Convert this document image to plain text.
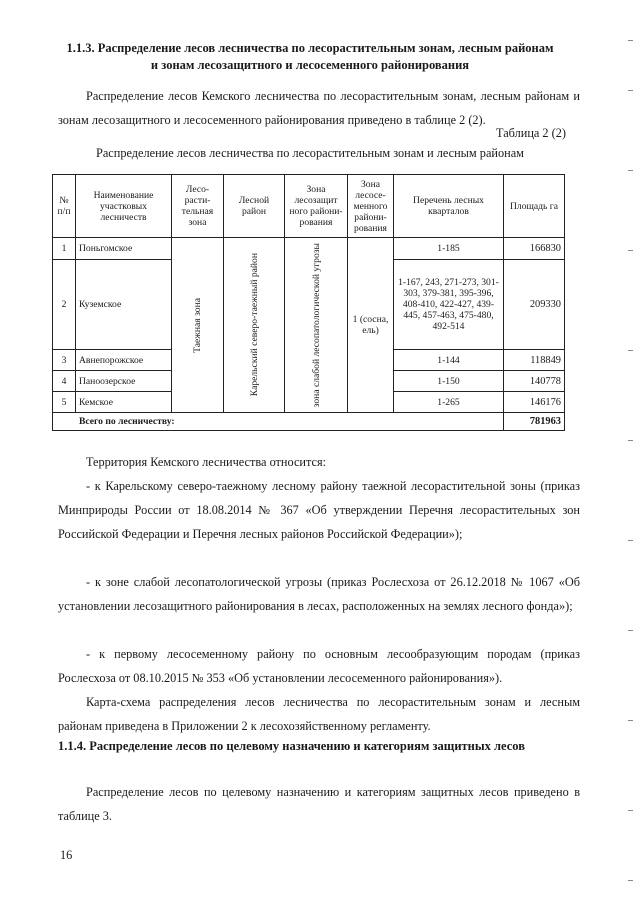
1.1.3. Распределение лесов лесничества по лесорастительным зонам, лесным районам
и зонам лесозащитного и лесосеменного районирования

Распределение лесов Кемского лесничества по лесорастительным зонам, лесным районам и зонам лесозащитного и лесосеменного районирования приведено в таблице 2 (2).

Таблица 2 (2)
Распределение лесов лесничества по лесорастительным зонам и лесным районам
№ п/п	Наименование участковых лесничеств	Лесо-расти-тельная зона	Лесной район	Зона лесозащит ного райони-рования	Зона лесосе-менного райони-рования	Перечень лесных кварталов	Площадь га
1	Поньгомское	Таежная зона	Карельский северо-таежный район	зона слабой лесопатологической угрозы	1 (сосна, ель)	1-185	166830
2	Куземское					1-167, 243, 271-273, 301-303, 379-381, 395-396, 408-410, 422-427, 439-445, 457-463, 475-480, 492-514	209330
3	Авнепорожское					1-144	118849
4	Паноозерское					1-150	140778
5	Кемское					1-265	146176
Всего по лесничеству:							781963

Территория Кемского лесничества относится:

- к Карельскому северо-таежному лесному району таежной лесорастительной зоны (приказ Минприроды России от 18.08.2014 № 367 «Об утверждении Перечня лесорастительных зон Российской Федерации и Перечня лесных районов Российской Федерации»);

- к зоне слабой лесопатологической угрозы (приказ Рослесхоза от 26.12.2018 № 1067 «Об установлении лесозащитного районирования в лесах, расположенных на землях лесного фонда»);

- к первому лесосеменному району по основным лесообразующим породам (приказ Рослесхоза от 08.10.2015 № 353 «Об установлении лесосеменного районирования»).

Карта-схема распределения лесов лесничества по лесорастительным зонам и лесным районам приведена в Приложении 2 к лесохозяйственному регламенту.

1.1.4. Распределение лесов по целевому назначению и категориям защитных лесов

Распределение лесов по целевому назначению и категориям защитных лесов приведено в таблице 3.

16
